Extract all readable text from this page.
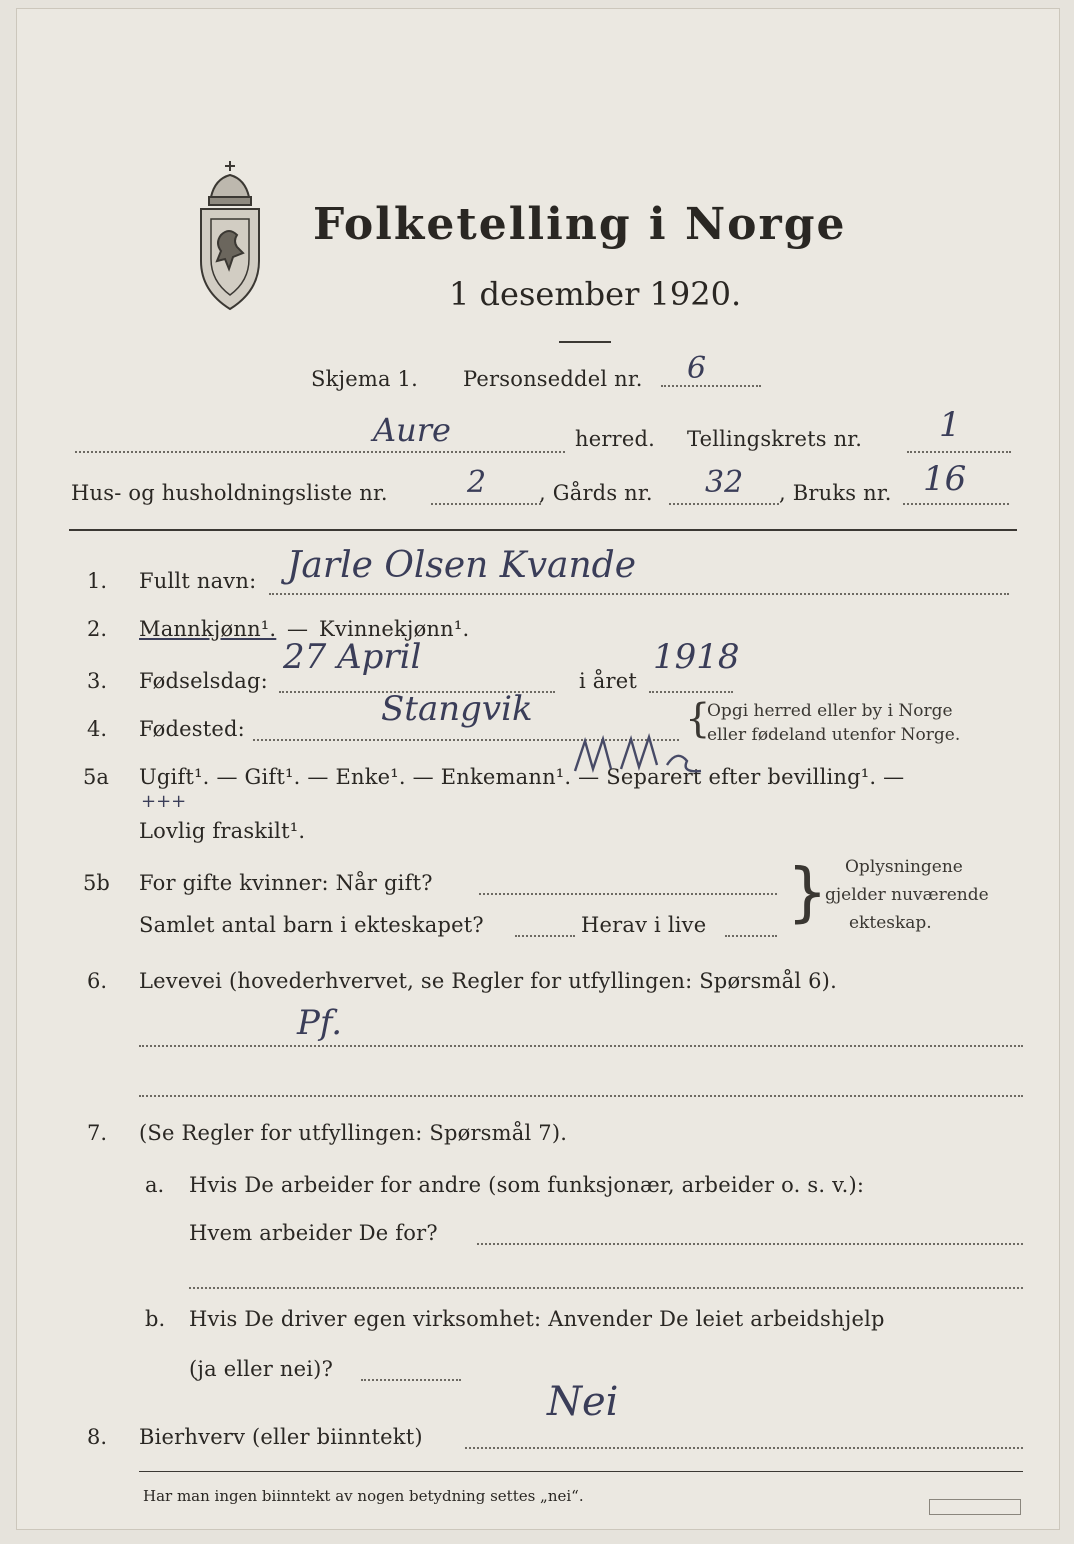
Folketelling i Norge
1 desember 1920.
Skjema 1. Personseddel nr. 6
Aure	herred. Tellingskrets nr. 1
Hus- og husholdningsliste nr.	2	, Gårds nr. 32 , Bruks nr. 16
1. Fullt navn: Jarle Olsen Kvande
2. Mannkjønn¹. — Kvinnekjønn¹.
3. Fødselsdag:
27 April
i året
1918
4. Fødested:	Stangvik	{
Opgi herred eller by i Norge
eller fødeland utenfor Norge.
5a Ugift¹. — Gift¹. — Enke¹. — Enkemann¹. — Separert efter bevilling¹. —
+++
Lovlig fraskilt¹.
5b For gifte kvinner: Når gift?
Samlet antal barn i ekteskapet?	Herav i live } Oplysningene
gjelder nuværende
ekteskap.
6. Levevei (hovederhvervet, se Regler for utfyllingen: Spørsmål 6).
Pf.
7. (Se Regler for utfyllingen: Spørsmål 7).
a. Hvis De arbeider for andre (som funksjonær, arbeider o. s. v.):
Hvem arbeider De for?
b. Hvis De driver egen virksomhet: Anvender De leiet arbeidshjelp
(ja eller nei)?
8. Bierhverv (eller biinntekt)
Nei
Har man ingen biinntekt av nogen betydning settes „nei“.
